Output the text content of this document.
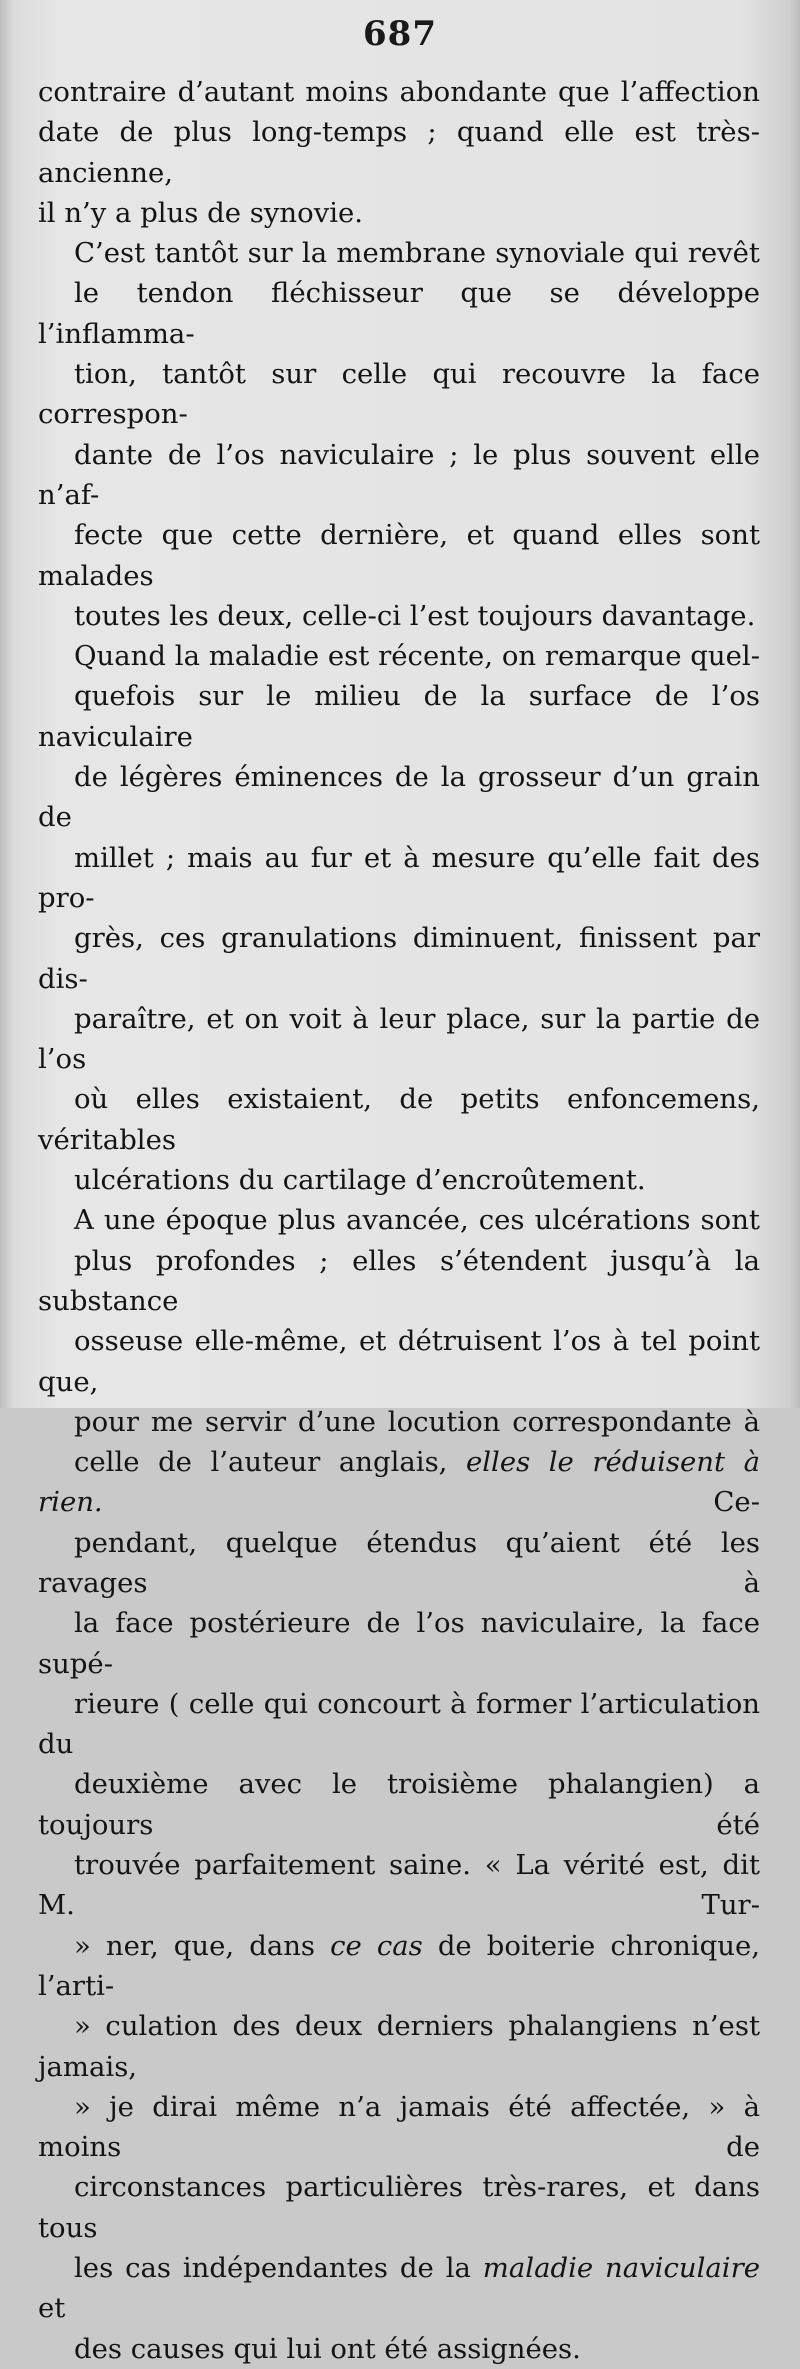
687

contraire d’autant moins abondante que l’affection
date de plus long-temps ; quand elle est très-ancienne,
il n’y a plus de synovie.

C’est tantôt sur la membrane synoviale qui revêt
le tendon fléchisseur que se développe l’inflamma-
tion, tantôt sur celle qui recouvre la face correspon-
dante de l’os naviculaire ; le plus souvent elle n’af-
fecte que cette dernière, et quand elles sont malades
toutes les deux, celle-ci l’est toujours davantage.

Quand la maladie est récente, on remarque quel-
quefois sur le milieu de la surface de l’os naviculaire
de légères éminences de la grosseur d’un grain de
millet ; mais au fur et à mesure qu’elle fait des pro-
grès, ces granulations diminuent, finissent par dis-
paraître, et on voit à leur place, sur la partie de l’os
où elles existaient, de petits enfoncemens, véritables
ulcérations du cartilage d’encroûtement.

A une époque plus avancée, ces ulcérations sont
plus profondes ; elles s’étendent jusqu’à la substance
osseuse elle-même, et détruisent l’os à tel point que,
pour me servir d’une locution correspondante à
celle de l’auteur anglais, elles le réduisent à rien. Ce-
pendant, quelque étendus qu’aient été les ravages à
la face postérieure de l’os naviculaire, la face supé-
rieure ( celle qui concourt à former l’articulation du
deuxième avec le troisième phalangien) a toujours été
trouvée parfaitement saine. « La vérité est, dit M. Tur-
» ner, que, dans ce cas de boiterie chronique, l’arti-
» culation des deux derniers phalangiens n’est jamais,
» je dirai même n’a jamais été affectée, » à moins de
circonstances particulières très-rares, et dans tous
les cas indépendantes de la maladie naviculaire et
des causes qui lui ont été assignées.
